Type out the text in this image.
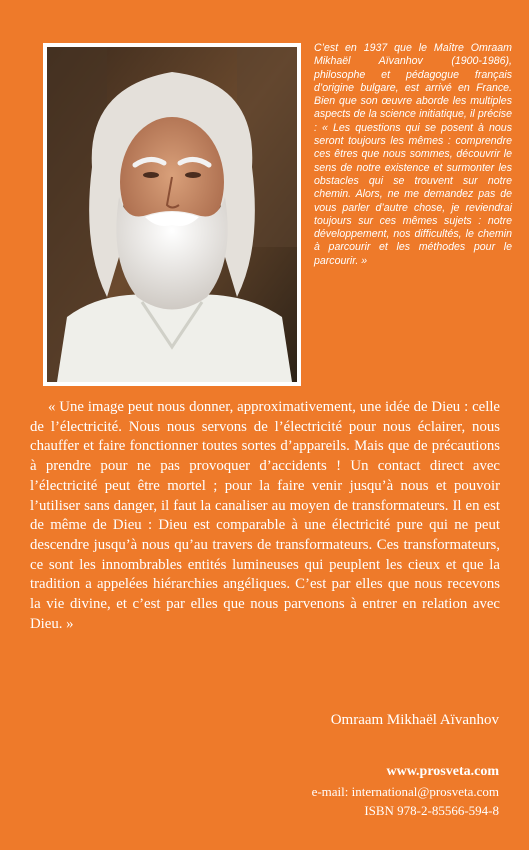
C’est en 1937 que le Maître Omraam Mikhaël Aïvanhov (1900-1986), philosophe et pédagogue français d’origine bulgare, est arrivé en France. Bien que son œuvre aborde les multiples aspects de la science initiatique, il précise : « Les questions qui se posent à nous seront toujours les mêmes : comprendre ces êtres que nous sommes, découvrir le sens de notre existence et surmonter les obstacles qui se trouvent sur notre chemin. Alors, ne me demandez pas de vous parler d’autre chose, je reviendrai toujours sur ces mêmes sujets : notre développement, nos difficultés, le chemin à parcourir et les méthodes pour le parcourir. »

« Une image peut nous donner, approximativement, une idée de Dieu : celle de l’électricité. Nous nous servons de l’électricité pour nous éclairer, nous chauffer et faire fonctionner toutes sortes d’appareils. Mais que de précautions à prendre pour ne pas provoquer d’accidents ! Un contact direct avec l’électricité peut être mortel ; pour la faire venir jusqu’à nous et pouvoir l’utiliser sans danger, il faut la canaliser au moyen de transformateurs. Il en est de même de Dieu : Dieu est comparable à une électricité pure qui ne peut descendre jusqu’à nous qu’au travers de transformateurs. Ces transformateurs, ce sont les innombrables entités lumineuses qui peuplent les cieux et que la tradition a appelées hiérarchies angéliques. C’est par elles que nous recevons la vie divine, et c’est par elles que nous parvenons à entrer en relation avec Dieu. »

Omraam Mikhaël Aïvanhov

www.prosveta.com
e-mail: international@prosveta.com
ISBN 978-2-85566-594-8
